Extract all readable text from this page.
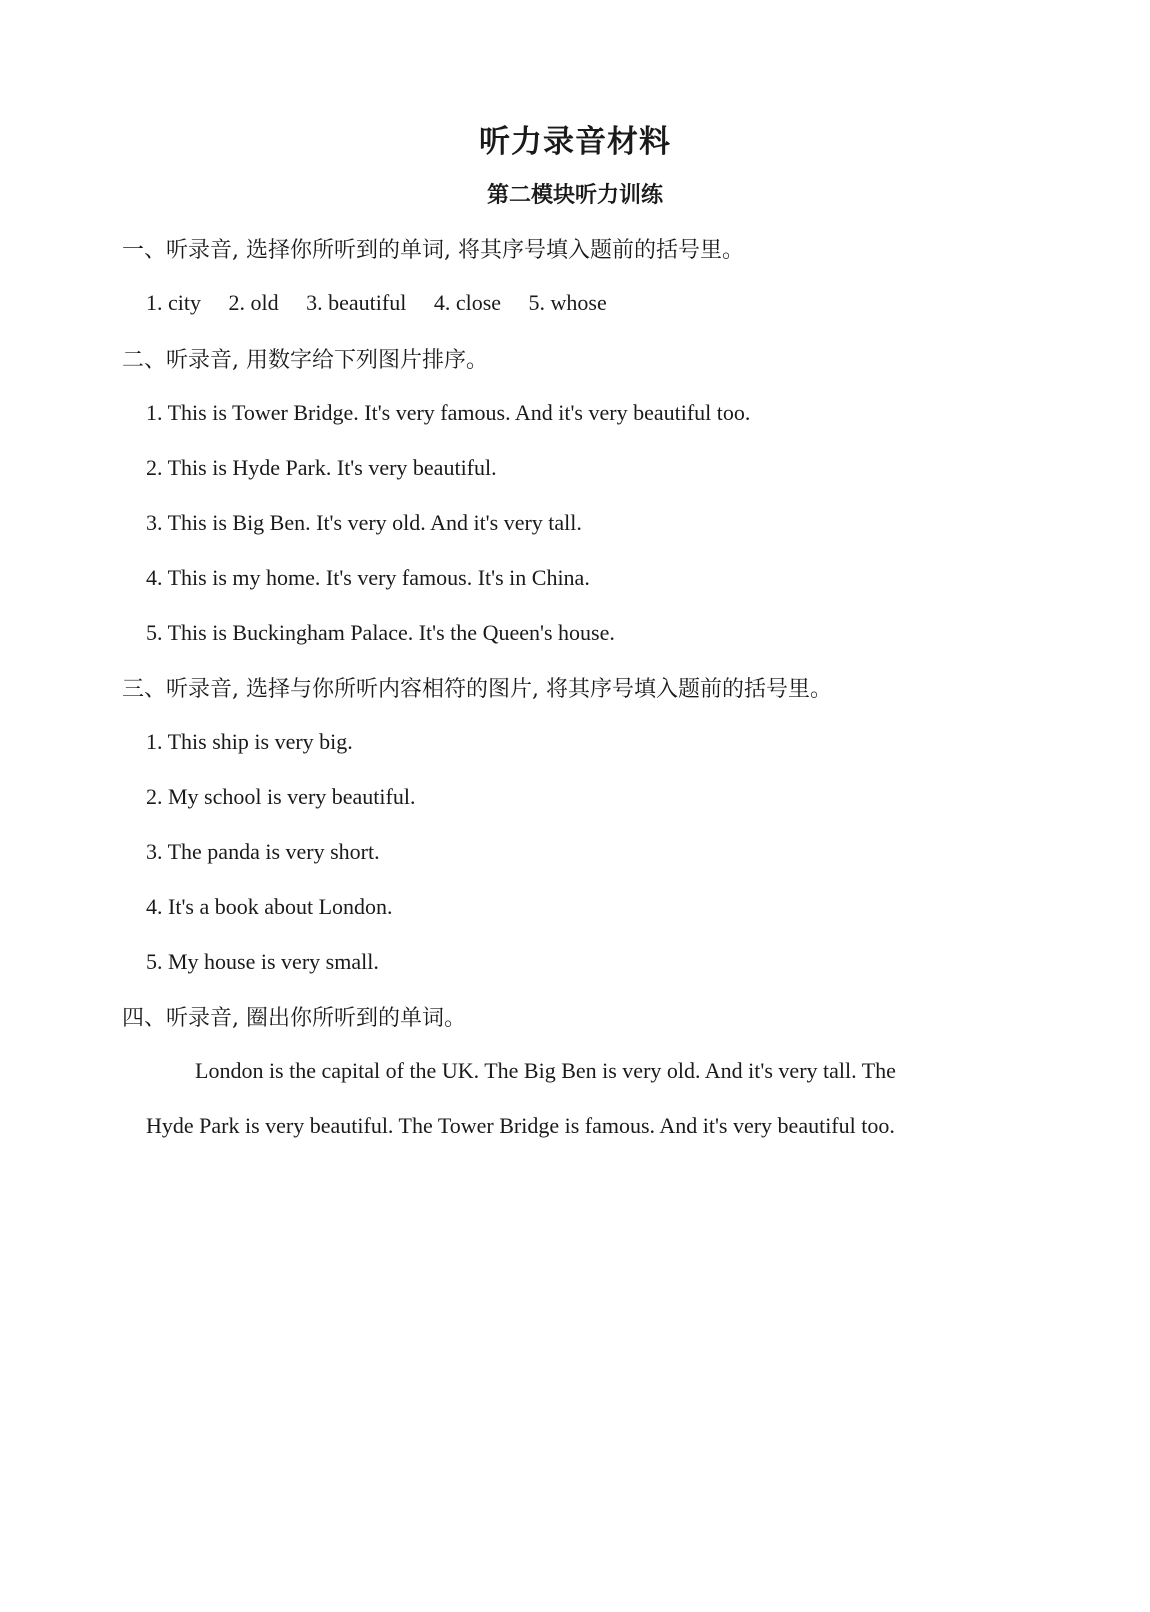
听力录音材料
第二模块听力训练
一、听录音, 选择你所听到的单词, 将其序号填入题前的括号里。
1. city 2. old 3. beautiful 4. close 5. whose
二、听录音, 用数字给下列图片排序。
1. This is Tower Bridge. It's very famous. And it's very beautiful too.
2. This is Hyde Park. It's very beautiful.
3. This is Big Ben. It's very old. And it's very tall.
4. This is my home. It's very famous. It's in China.
5. This is Buckingham Palace. It's the Queen's house.
三、听录音, 选择与你所听内容相符的图片, 将其序号填入题前的括号里。
1. This ship is very big.
2. My school is very beautiful.
3. The panda is very short.
4. It's a book about London.
5. My house is very small.
四、听录音, 圈出你所听到的单词。
London is the capital of the UK. The Big Ben is very old. And it's very tall. The
Hyde Park is very beautiful. The Tower Bridge is famous. And it's very beautiful too.
